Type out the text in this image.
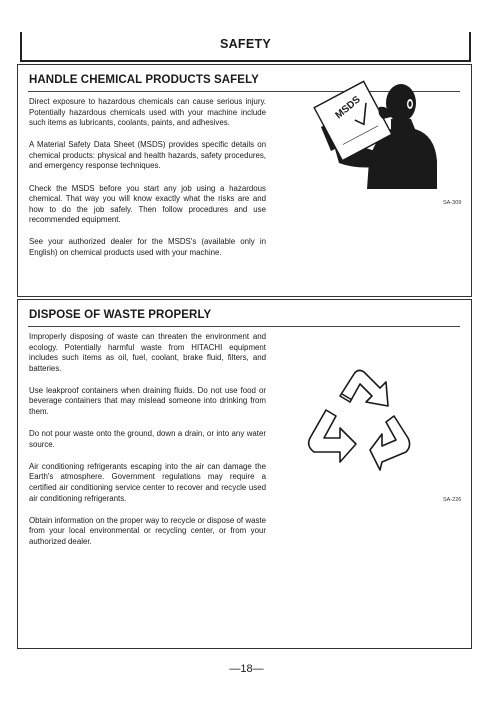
SAFETY
HANDLE CHEMICAL PRODUCTS SAFELY

Direct exposure to hazardous chemicals can cause serious injury. Potentially hazardous chemicals used with your machine include such items as lubricants, coolants, paints, and adhesives.

A Material Safety Data Sheet (MSDS) provides specific details on chemical products: physical and health hazards, safety procedures, and emergency response techniques.

Check the MSDS before you start any job using a hazardous chemical. That way you will know exactly what the risks are and how to do the job safely. Then follow procedures and use recommended equipment.

See your authorized dealer for the MSDS's (available only in English) on chemical products used with your machine.

MSDS
SA-309
DISPOSE OF WASTE PROPERLY

Improperly disposing of waste can threaten the environment and ecology. Potentially harmful waste from HITACHI equipment includes such items as oil, fuel, coolant, brake fluid, filters, and batteries.

Use leakproof containers when draining fluids. Do not use food or beverage containers that may mislead someone into drinking from them.

Do not pour waste onto the ground, down a drain, or into any water source.

Air conditioning refrigerants escaping into the air can damage the Earth's atmosphere. Government regulations may require a certified air conditioning service center to recover and recycle used air conditioning refrigerants.

Obtain information on the proper way to recycle or dispose of waste from your local environmental or recycling center, or from your authorized dealer.

SA-226
—18—
